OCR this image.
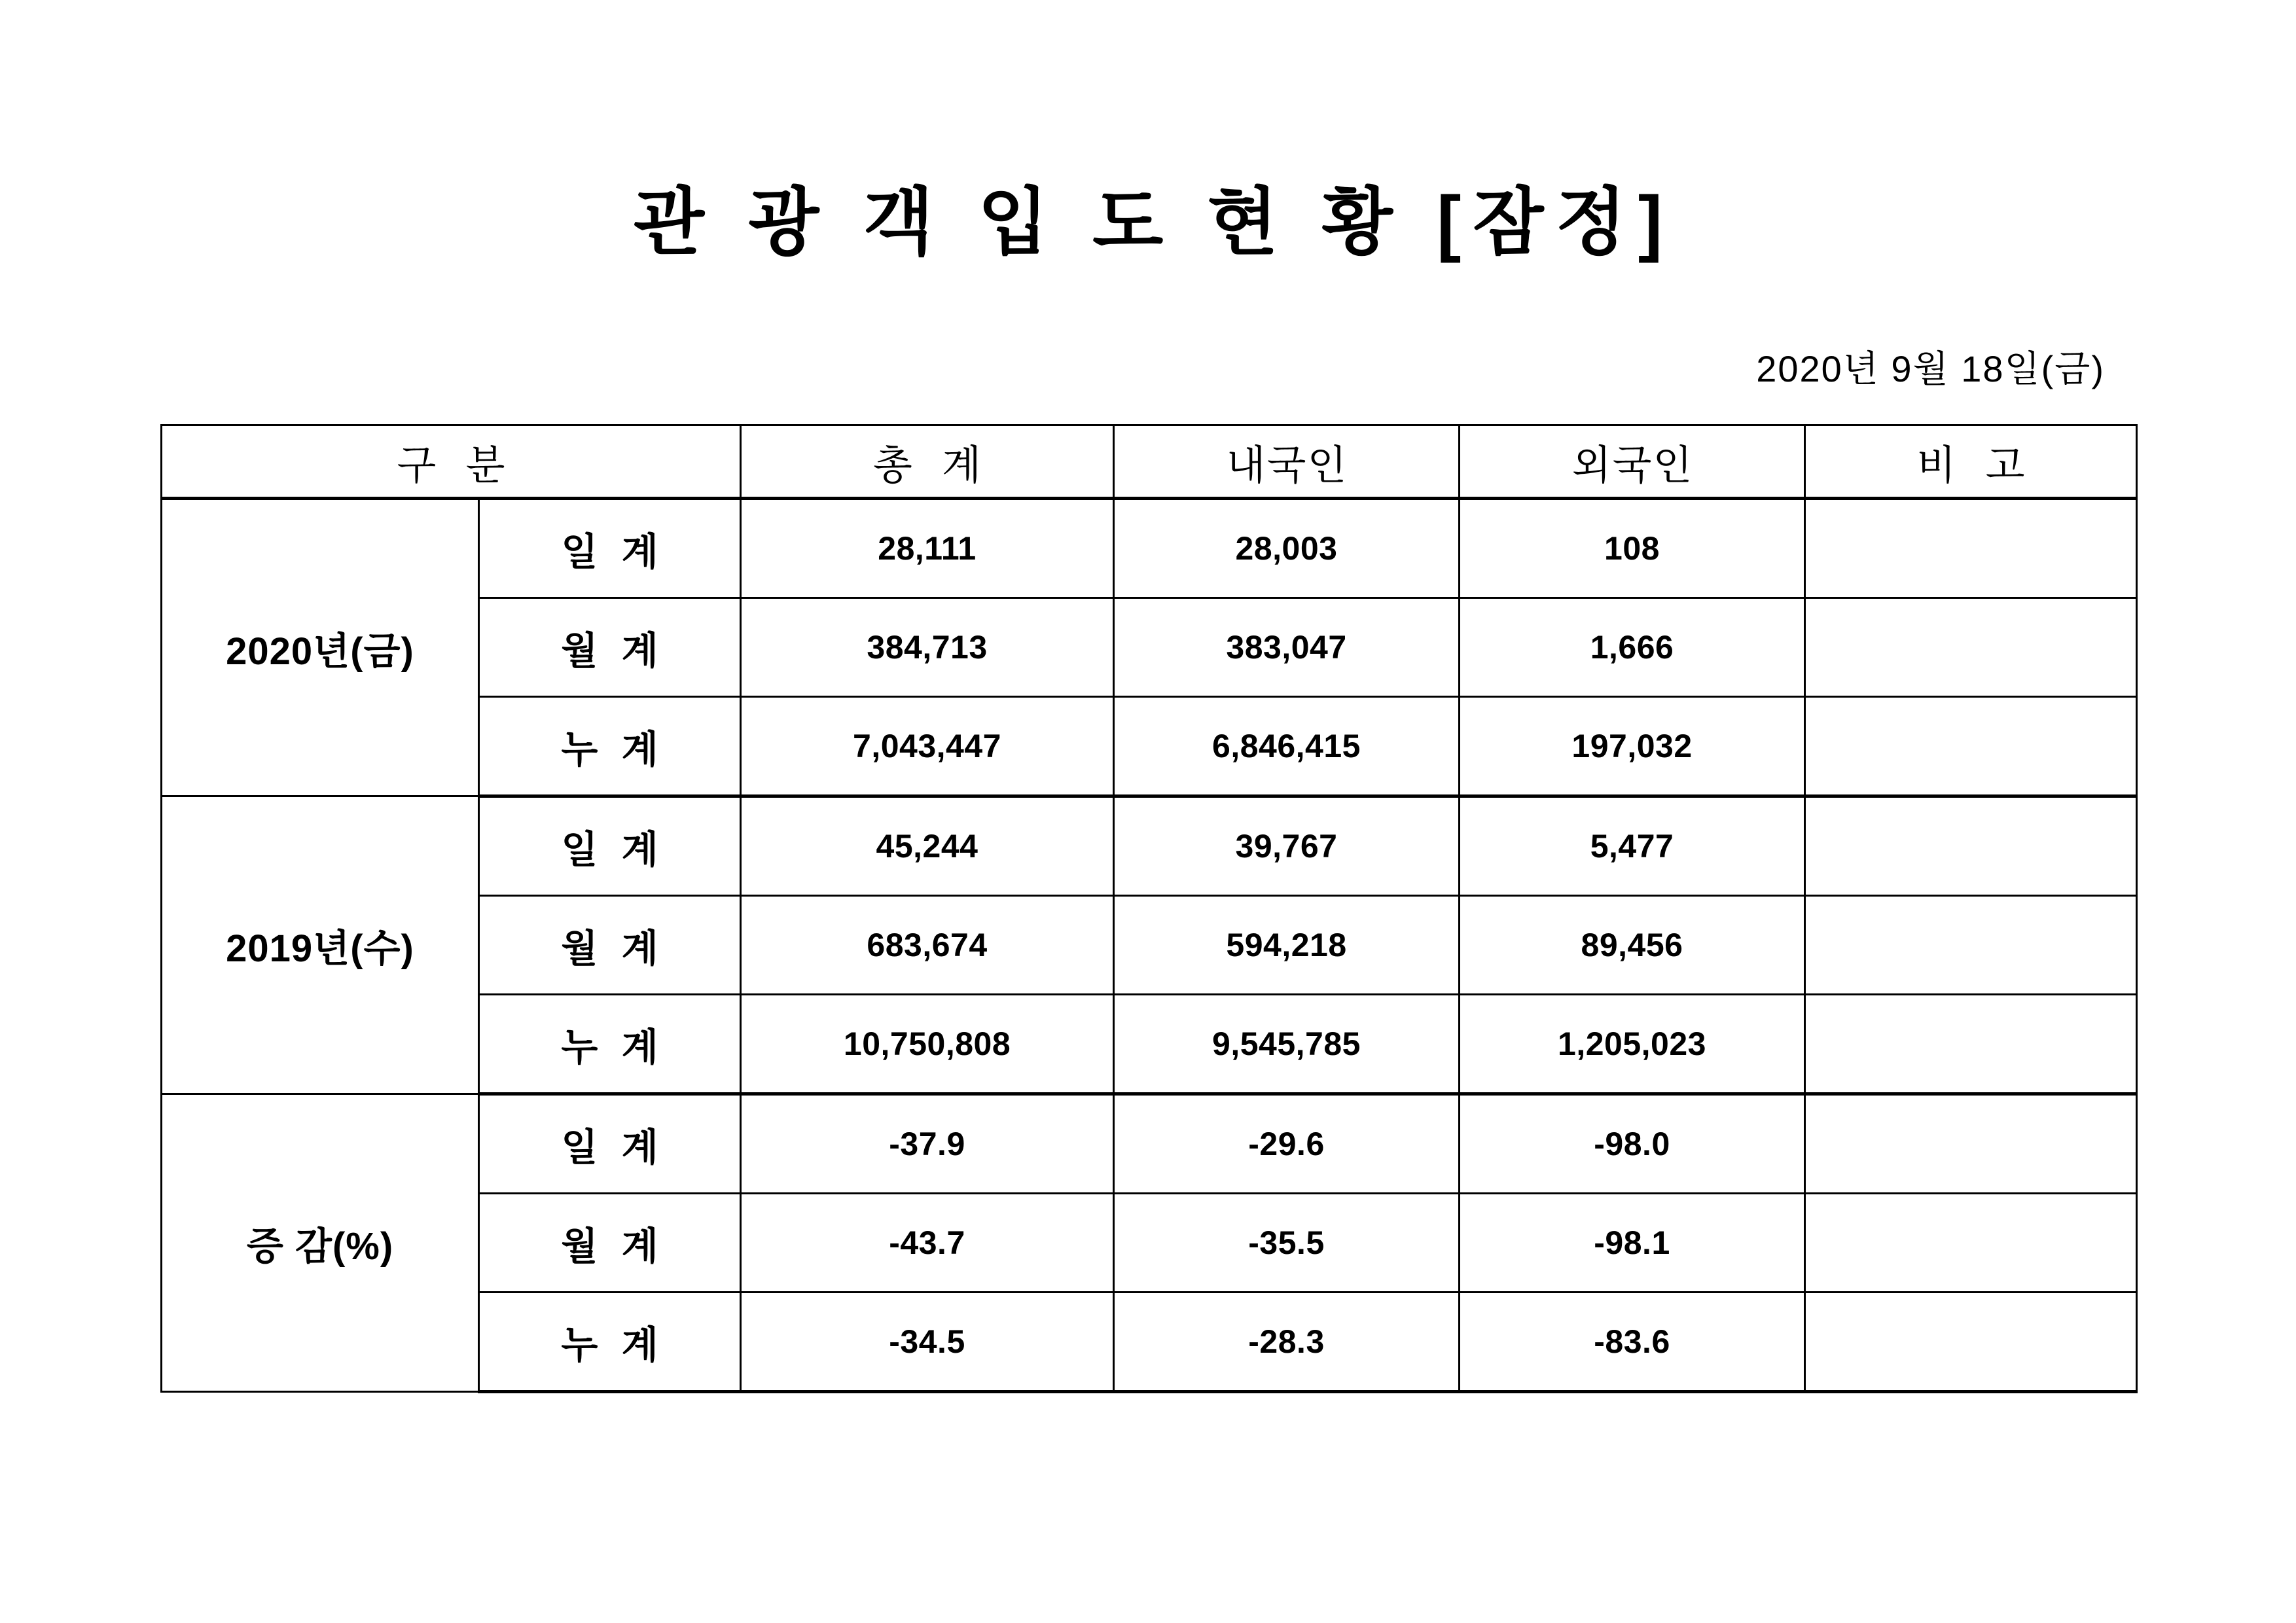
관 광 객 입 도 현 황 [잠정]
2020년 9월 18일(금)
구 분		총 계	내국인	외국인	비 고
2020년(금)	일 계	28,111	28,003	108	
	월 계	384,713	383,047	1,666	
	누 계	7,043,447	6,846,415	197,032	
2019년(수)	일 계	45,244	39,767	5,477	
	월 계	683,674	594,218	89,456	
	누 계	10,750,808	9,545,785	1,205,023	
증 감(%)	일 계	-37.9	-29.6	-98.0	
	월 계	-43.7	-35.5	-98.1	
	누 계	-34.5	-28.3	-83.6	
